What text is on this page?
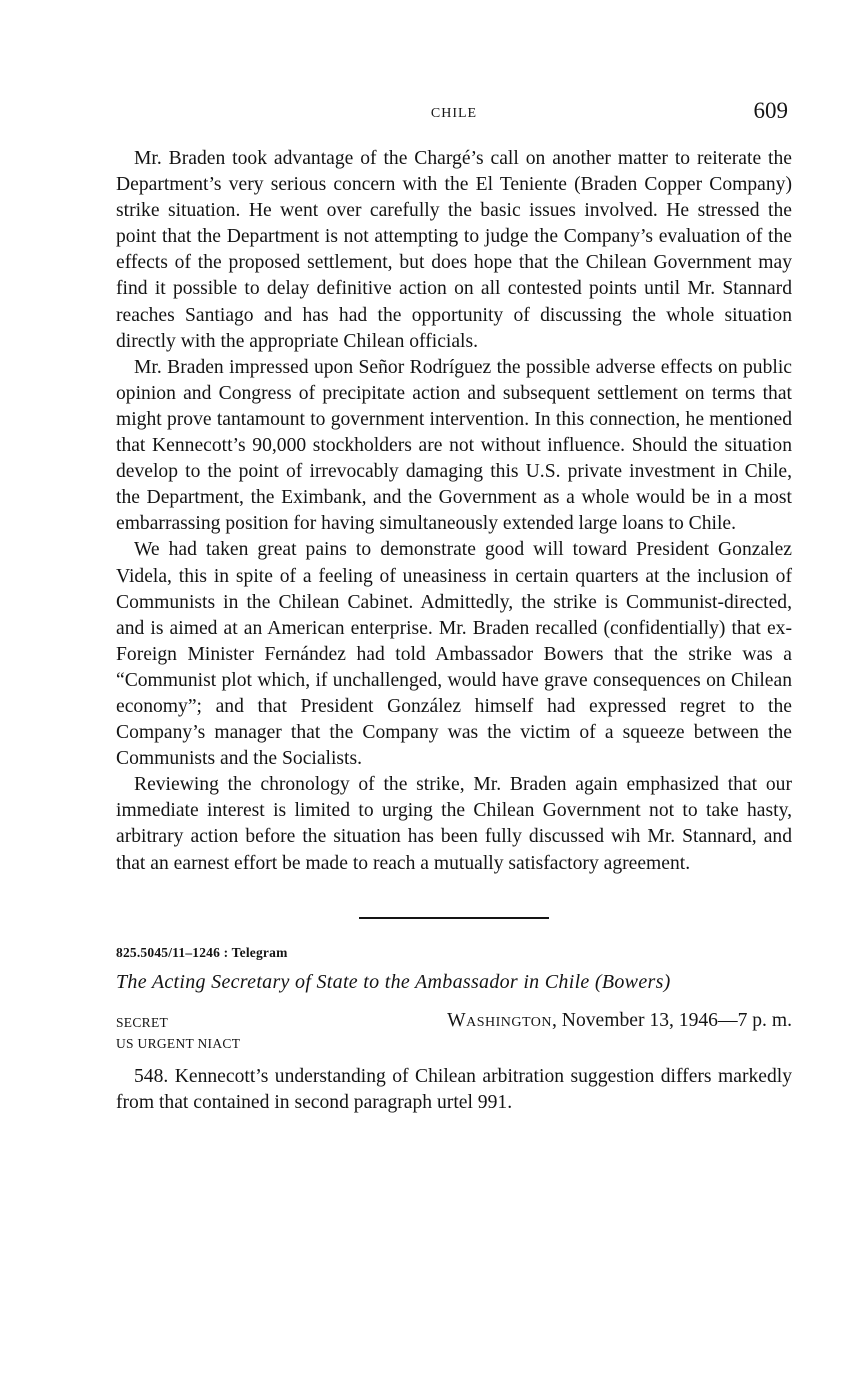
CHILE	609

Mr. Braden took advantage of the Chargé’s call on another matter to reiterate the Department’s very serious concern with the El Teniente (Braden Copper Company) strike situation. He went over carefully the basic issues involved. He stressed the point that the Department is not attempting to judge the Company’s evaluation of the effects of the proposed settlement, but does hope that the Chilean Government may find it possible to delay definitive action on all contested points until Mr. Stannard reaches Santiago and has had the opportunity of discussing the whole situation directly with the appropriate Chilean officials.

Mr. Braden impressed upon Señor Rodríguez the possible adverse effects on public opinion and Congress of precipitate action and subsequent settlement on terms that might prove tantamount to government intervention. In this connection, he mentioned that Kennecott’s 90,000 stockholders are not without influence. Should the situation develop to the point of irrevocably damaging this U.S. private investment in Chile, the Department, the Eximbank, and the Government as a whole would be in a most embarrassing position for having simultaneously extended large loans to Chile.

We had taken great pains to demonstrate good will toward President Gonzalez Videla, this in spite of a feeling of uneasiness in certain quarters at the inclusion of Communists in the Chilean Cabinet. Admittedly, the strike is Communist-directed, and is aimed at an American enterprise. Mr. Braden recalled (confidentially) that ex-Foreign Minister Fernández had told Ambassador Bowers that the strike was a “Communist plot which, if unchallenged, would have grave consequences on Chilean economy”; and that President González himself had expressed regret to the Company’s manager that the Company was the victim of a squeeze between the Communists and the Socialists.

Reviewing the chronology of the strike, Mr. Braden again emphasized that our immediate interest is limited to urging the Chilean Government not to take hasty, arbitrary action before the situation has been fully discussed wih Mr. Stannard, and that an earnest effort be made to reach a mutually satisfactory agreement.

825.5045/11–1246 : Telegram
The Acting Secretary of State to the Ambassador in Chile (Bowers)
SECRET	Washington, November 13, 1946—7 p. m.
US URGENT NIACT

548. Kennecott’s understanding of Chilean arbitration suggestion differs markedly from that contained in second paragraph urtel 991.
